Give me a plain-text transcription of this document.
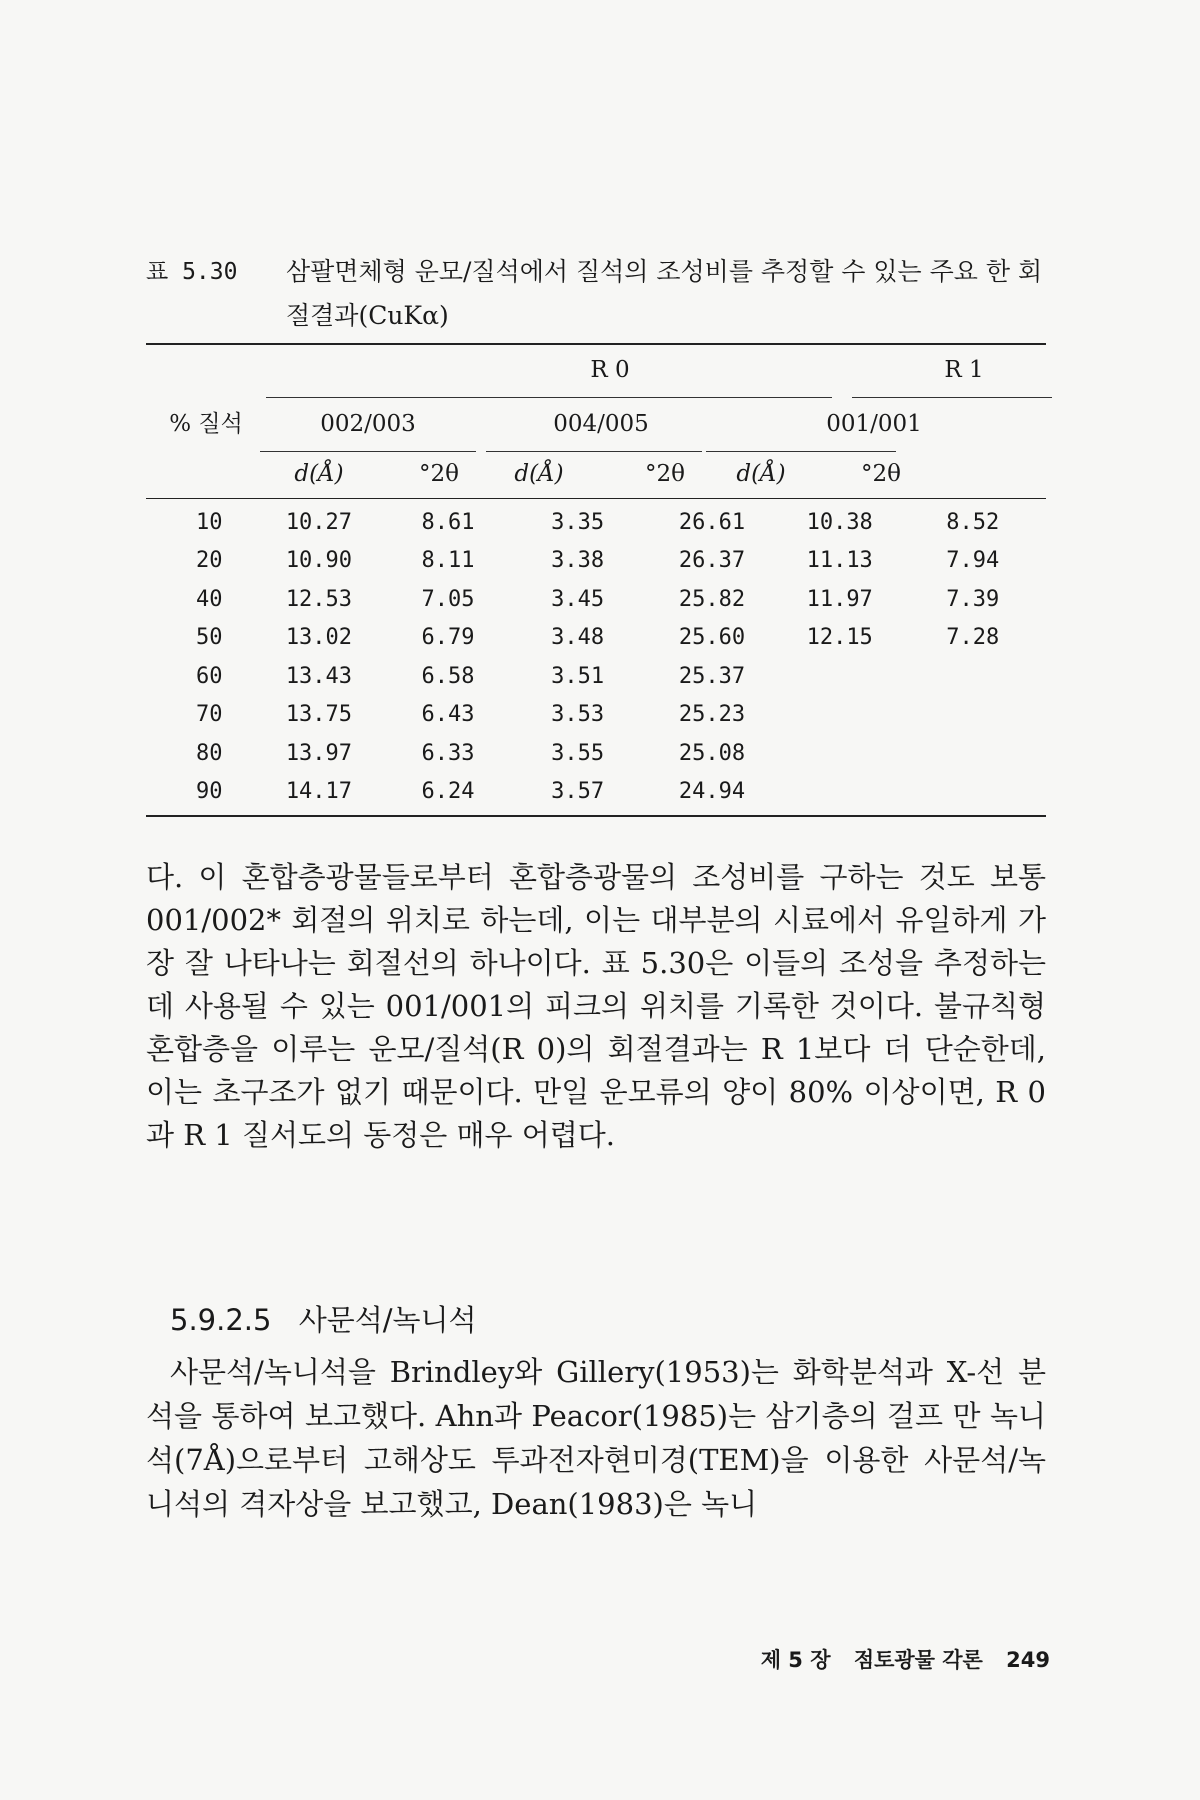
표 5.30	삼팔면체형 운모/질석에서 질석의 조성비를 추정할 수 있는 주요 한 회절결과(CuKα)
% 질석
R 0	R 1
002/003	004/005	001/001
d(Å)	°2θ	d(Å)	°2θ	d(Å)	°2θ
10	10.27	8.61	3.35	26.61	10.38	8.52
20	10.90	8.11	3.38	26.37	11.13	7.94
40	12.53	7.05	3.45	25.82	11.97	7.39
50	13.02	6.79	3.48	25.60	12.15	7.28
60	13.43	6.58	3.51	25.37
70	13.75	6.43	3.53	25.23
80	13.97	6.33	3.55	25.08
90	14.17	6.24	3.57	24.94

다. 이 혼합층광물들로부터 혼합층광물의 조성비를 구하는 것도 보통 001/002* 회절의 위치로 하는데, 이는 대부분의 시료에서 유일하게 가장 잘 나타나는 회절선의 하나이다. 표 5.30은 이들의 조성을 추정하는 데 사용될 수 있는 001/001의 피크의 위치를 기록한 것이다. 불규칙형 혼합층을 이루는 운모/질석(R 0)의 회절결과는 R 1보다 더 단순한데, 이는 초구조가 없기 때문이다. 만일 운모류의 양이 80% 이상이면, R 0과 R 1 질서도의 동정은 매우 어렵다.

5.9.2.5 사문석/녹니석

사문석/녹니석을 Brindley와 Gillery(1953)는 화학분석과 X-선 분석을 통하여 보고했다. Ahn과 Peacor(1985)는 삼기층의 걸프 만 녹니석(7Å)으로부터 고해상도 투과전자현미경(TEM)을 이용한 사문석/녹니석의 격자상을 보고했고, Dean(1983)은 녹니

제 5 장 점토광물 각론 249
